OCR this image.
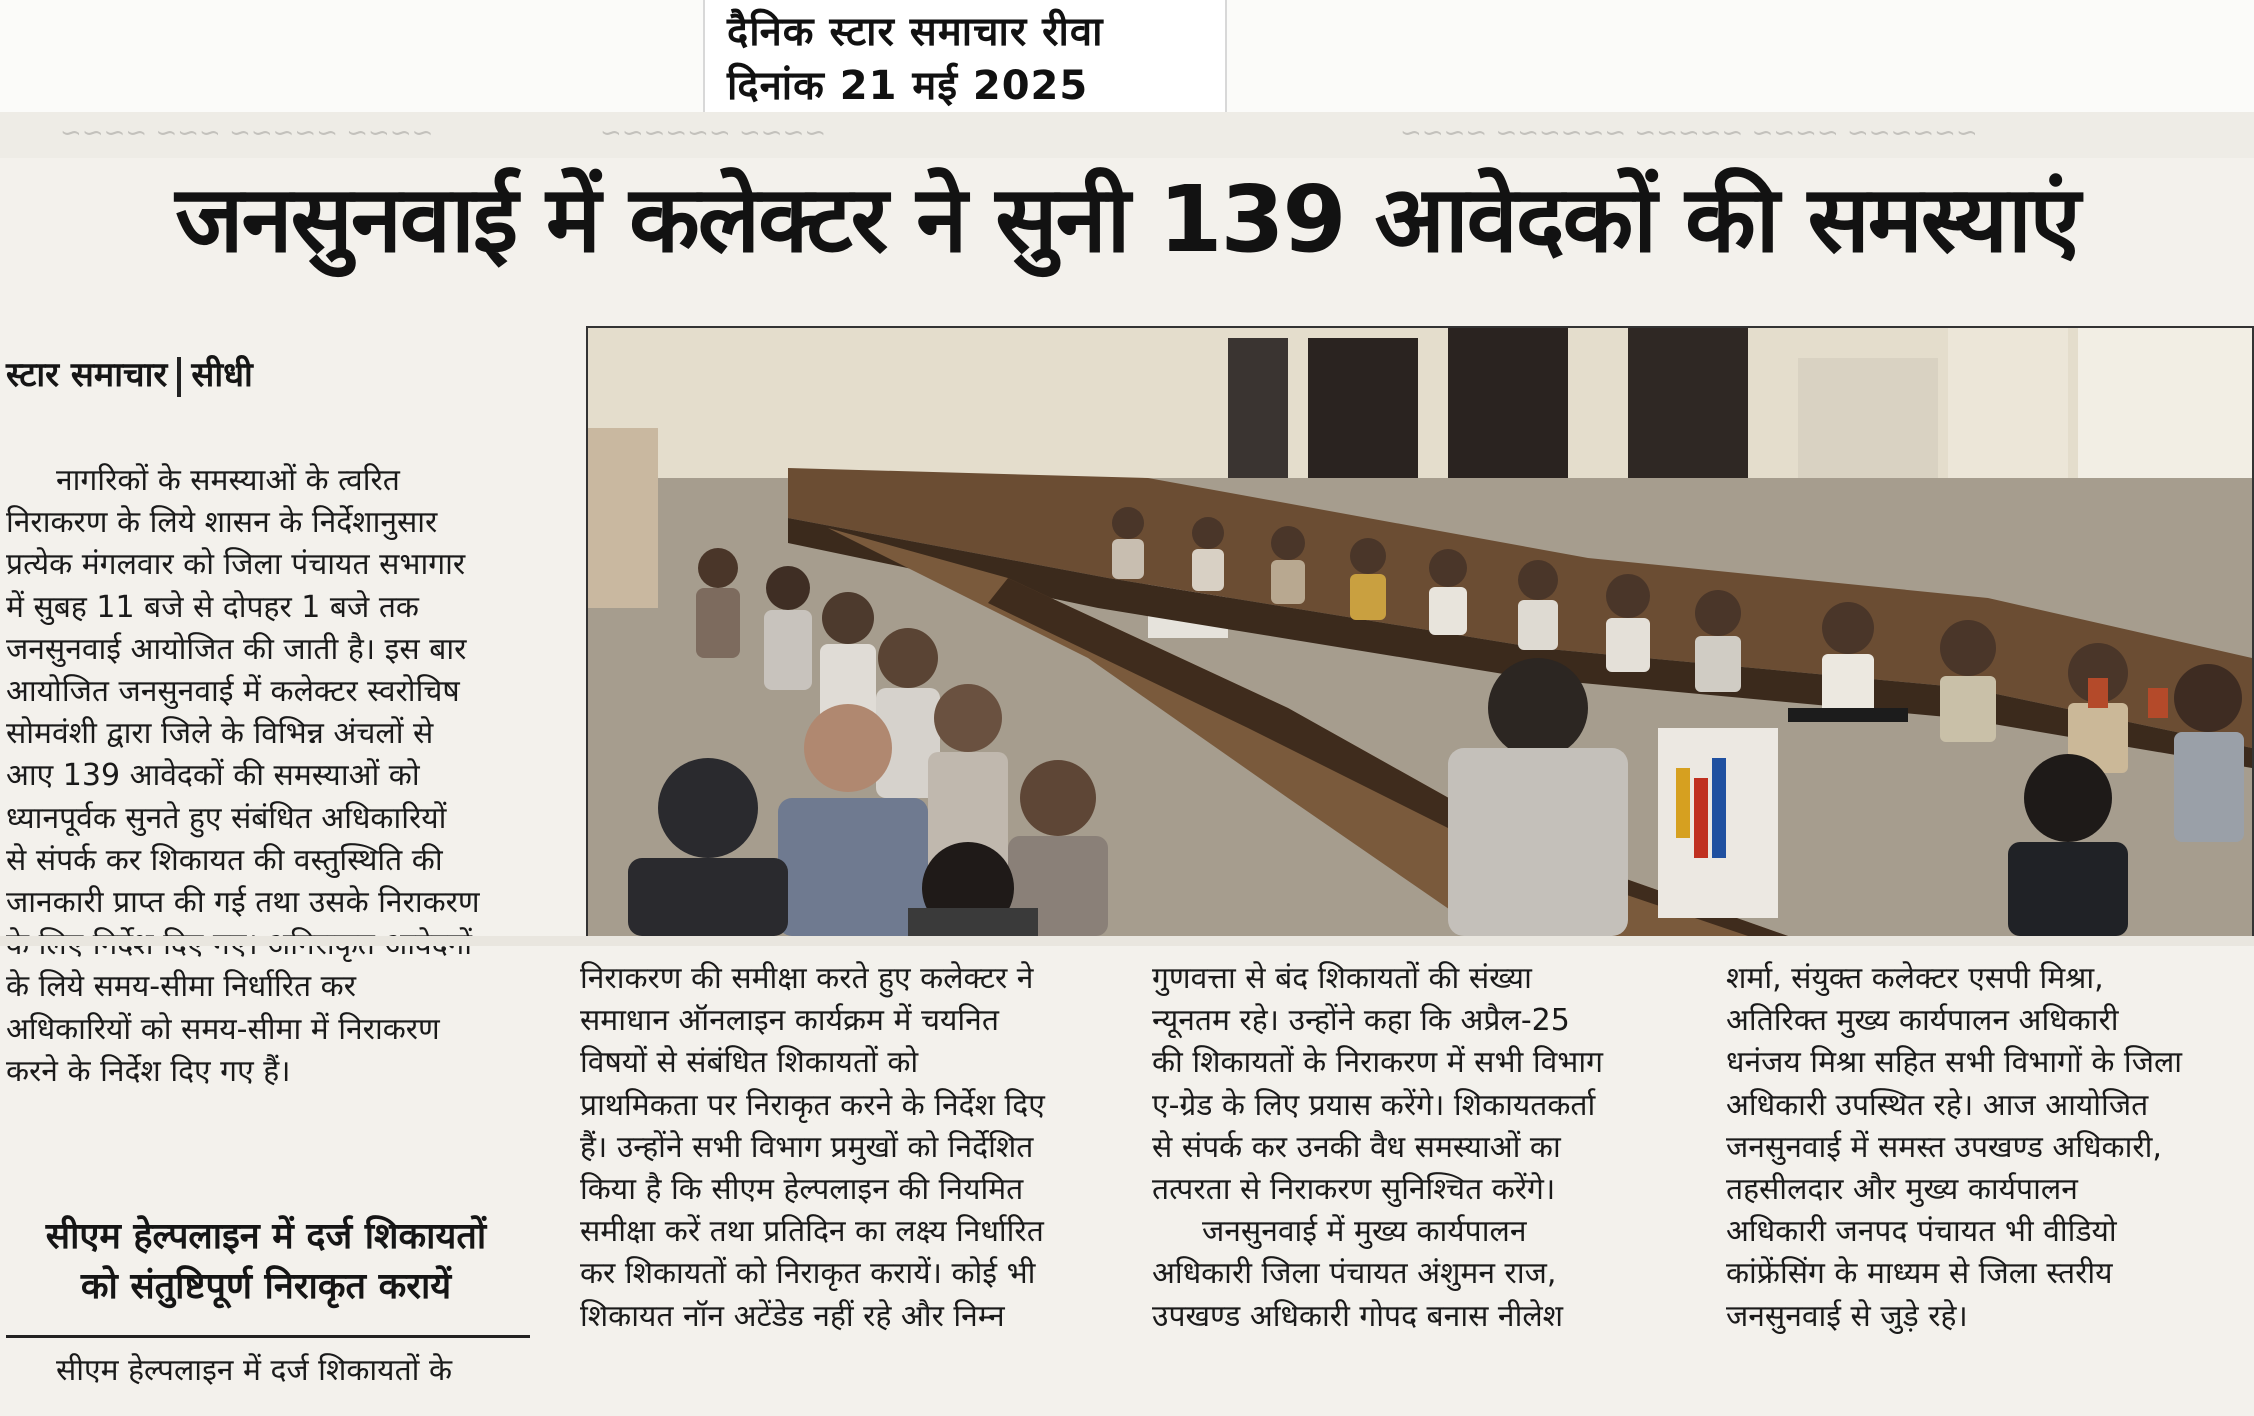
दैनिक स्टार समाचार रीवा
दिनांक 21 मई 2025
~~~~ ~~~~~ ~~~ ~~~~	~~~~ ~~~~~~	~~~~~~ ~~~~ ~~~~~ ~~~~~~ ~~~~
जनसुनवाई में कलेक्टर ने सुनी 139 आवेदकों की समस्याएं
स्टार समाचार सीधी

नागरिकों के समस्याओं के त्वरित

निराकरण के लिये शासन के निर्देशानुसार

प्रत्येक मंगलवार को जिला पंचायत सभागार

में सुबह 11 बजे से दोपहर 1 बजे तक

जनसुनवाई आयोजित की जाती है। इस बार

आयोजित जनसुनवाई में कलेक्टर स्वरोचिष

सोमवंशी द्वारा जिले के विभिन्न अंचलों से

आए 139 आवेदकों की समस्याओं को

ध्यानपूर्वक सुनते हुए संबंधित अधिकारियों

से संपर्क कर शिकायत की वस्तुस्थिति की

जानकारी प्राप्त की गई तथा उसके निराकरण

के लिये समय-सीमा निर्धारित कर

अधिकारियों को समय-सीमा में निराकरण

करने के निर्देश दिए गए हैं।

सीएम हेल्पलाइन में दर्ज शिकायतों
को संतुष्टिपूर्ण निराकृत करायें

सीएम हेल्पलाइन में दर्ज शिकायतों के

निराकरण की समीक्षा करते हुए कलेक्टर ने

समाधान ऑनलाइन कार्यक्रम में चयनित

विषयों से संबंधित शिकायतों को

प्राथमिकता पर निराकृत करने के निर्देश दिए

हैं। उन्होंने सभी विभाग प्रमुखों को निर्देशित

किया है कि सीएम हेल्पलाइन की नियमित

समीक्षा करें तथा प्रतिदिन का लक्ष्य निर्धारित

कर शिकायतों को निराकृत करायें। कोई भी

शिकायत नॉन अटेंडेड नहीं रहे और निम्न

गुणवत्ता से बंद शिकायतों की संख्या

न्यूनतम रहे। उन्होंने कहा कि अप्रैल-25

की शिकायतों के निराकरण में सभी विभाग

ए-ग्रेड के लिए प्रयास करेंगे। शिकायतकर्ता

से संपर्क कर उनकी वैध समस्याओं का

तत्परता से निराकरण सुनिश्चित करेंगे।

जनसुनवाई में मुख्य कार्यपालन

अधिकारी जिला पंचायत अंशुमन राज,

उपखण्ड अधिकारी गोपद बनास नीलेश

शर्मा, संयुक्त कलेक्टर एसपी मिश्रा,

अतिरिक्त मुख्य कार्यपालन अधिकारी

धनंजय मिश्रा सहित सभी विभागों के जिला

अधिकारी उपस्थित रहे। आज आयोजित

जनसुनवाई में समस्त उपखण्ड अधिकारी,

तहसीलदार और मुख्य कार्यपालन

अधिकारी जनपद पंचायत भी वीडियो

कांफ्रेंसिंग के माध्यम से जिला स्तरीय

जनसुनवाई से जुड़े रहे।
